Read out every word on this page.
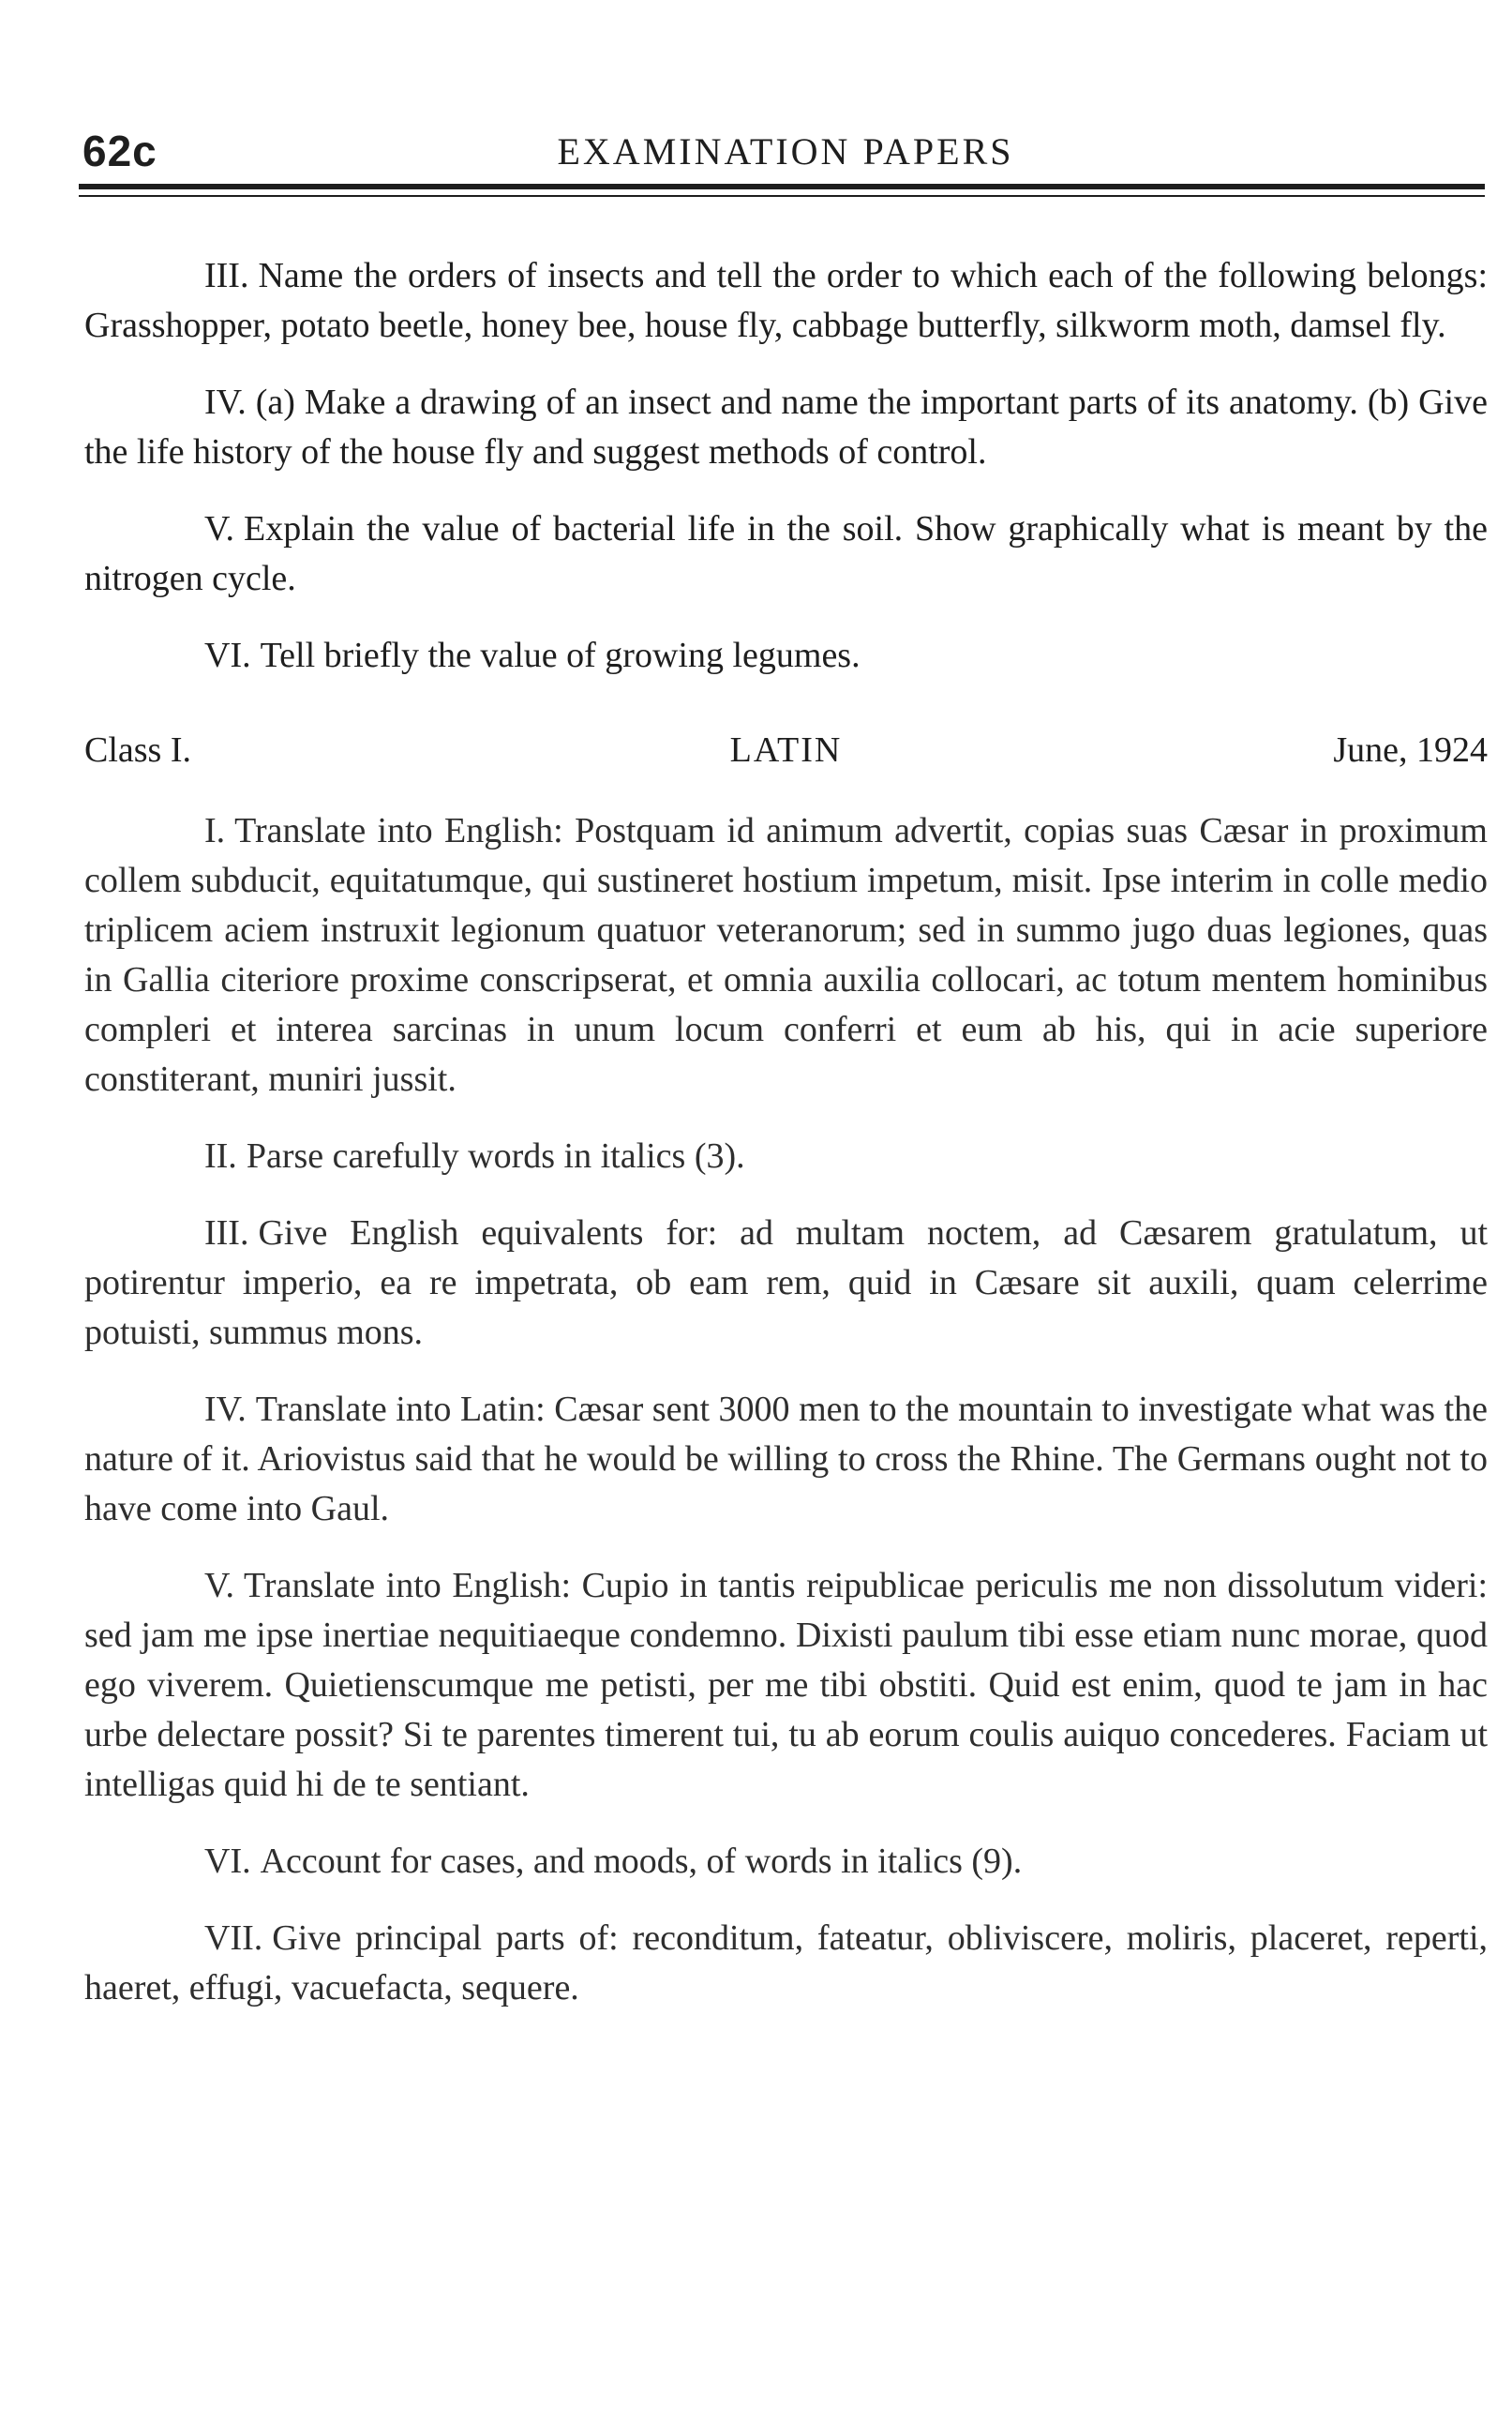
62c	EXAMINATION PAPERS

III. Name the orders of insects and tell the order to which each of the following belongs: Grasshopper, potato beetle, honey bee, house fly, cabbage butterfly, silkworm moth, damsel fly.

IV. (a) Make a drawing of an insect and name the important parts of its anatomy. (b) Give the life history of the house fly and suggest methods of control.

V. Explain the value of bacterial life in the soil. Show graphically what is meant by the nitrogen cycle.

VI. Tell briefly the value of growing legumes.

Class I.	LATIN	June, 1924

I. Translate into English: Postquam id animum advertit, copias suas Cæsar in proximum collem subducit, equitatumque, qui sustineret hostium impetum, misit. Ipse interim in colle medio triplicem aciem instruxit legionum quatuor veteranorum; sed in summo jugo duas legiones, quas in Gallia citeriore proxime conscripserat, et omnia auxilia collocari, ac totum mentem hominibus compleri et interea sarcinas in unum locum conferri et eum ab his, qui in acie superiore constiterant, muniri jussit.

II. Parse carefully words in italics (3).

III. Give English equivalents for: ad multam noctem, ad Cæsarem gratulatum, ut potirentur imperio, ea re impetrata, ob eam rem, quid in Cæsare sit auxili, quam celerrime potuisti, summus mons.

IV. Translate into Latin: Cæsar sent 3000 men to the mountain to investigate what was the nature of it. Ariovistus said that he would be willing to cross the Rhine. The Germans ought not to have come into Gaul.

V. Translate into English: Cupio in tantis reipublicae periculis me non dissolutum videri: sed jam me ipse inertiae nequitiaeque condemno. Dixisti paulum tibi esse etiam nunc morae, quod ego viverem. Quietienscumque me petisti, per me tibi obstiti. Quid est enim, quod te jam in hac urbe delectare possit? Si te parentes timerent tui, tu ab eorum coulis auiquo concederes. Faciam ut intelligas quid hi de te sentiant.

VI. Account for cases, and moods, of words in italics (9).

VII. Give principal parts of: reconditum, fateatur, obliviscere, moliris, placeret, reperti, haeret, effugi, vacuefacta, sequere.
